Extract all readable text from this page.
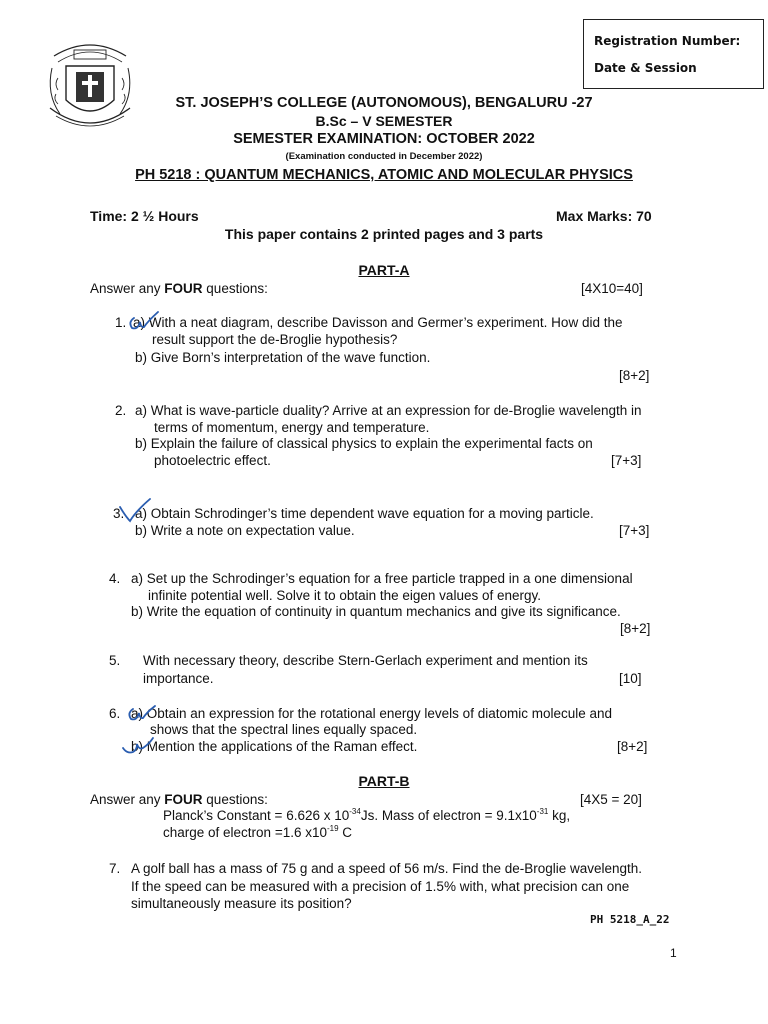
Registration Number:
Date & Session
ST. JOSEPH’S COLLEGE (AUTONOMOUS), BENGALURU -27
B.Sc – V SEMESTER
SEMESTER EXAMINATION: OCTOBER 2022
(Examination conducted in December 2022)
PH 5218 : QUANTUM MECHANICS, ATOMIC AND MOLECULAR PHYSICS
Time: 2 ½ Hours	Max Marks: 70
This paper contains 2 printed pages and 3 parts
PART-A
Answer any FOUR questions:	[4X10=40]
1. a) With a neat diagram, describe Davisson and Germer’s experiment. How did the
result support the de-Broglie hypothesis?
b) Give Born’s interpretation of the wave function.
[8+2]
2. a) What is wave-particle duality? Arrive at an expression for de-Broglie wavelength in
terms of momentum, energy and temperature.
b) Explain the failure of classical physics to explain the experimental facts on
photoelectric effect.	[7+3]
3. a) Obtain Schrodinger’s time dependent wave equation for a moving particle.
b) Write a note on expectation value.	[7+3]
4. a) Set up the Schrodinger’s equation for a free particle trapped in a one dimensional
infinite potential well. Solve it to obtain the eigen values of energy.
b) Write the equation of continuity in quantum mechanics and give its significance.
[8+2]
5. With necessary theory, describe Stern-Gerlach experiment and mention its
importance.	[10]
6. a) Obtain an expression for the rotational energy levels of diatomic molecule and
shows that the spectral lines equally spaced.
b) Mention the applications of the Raman effect.	[8+2]
PART-B
Answer any FOUR questions:	[4X5 = 20]
Planck’s Constant = 6.626 x $10^{-34}Js$. Mass of electron = $9.1x10^{-31}$ kg,
charge of electron =1.6 $x10^{-19}$ C
7. A golf ball has a mass of 75 g and a speed of 56 m/s. Find the de-Broglie wavelength.
If the speed can be measured with a precision of 1.5% with, what precision can one
simultaneously measure its position?
PH 5218_A_22
1
